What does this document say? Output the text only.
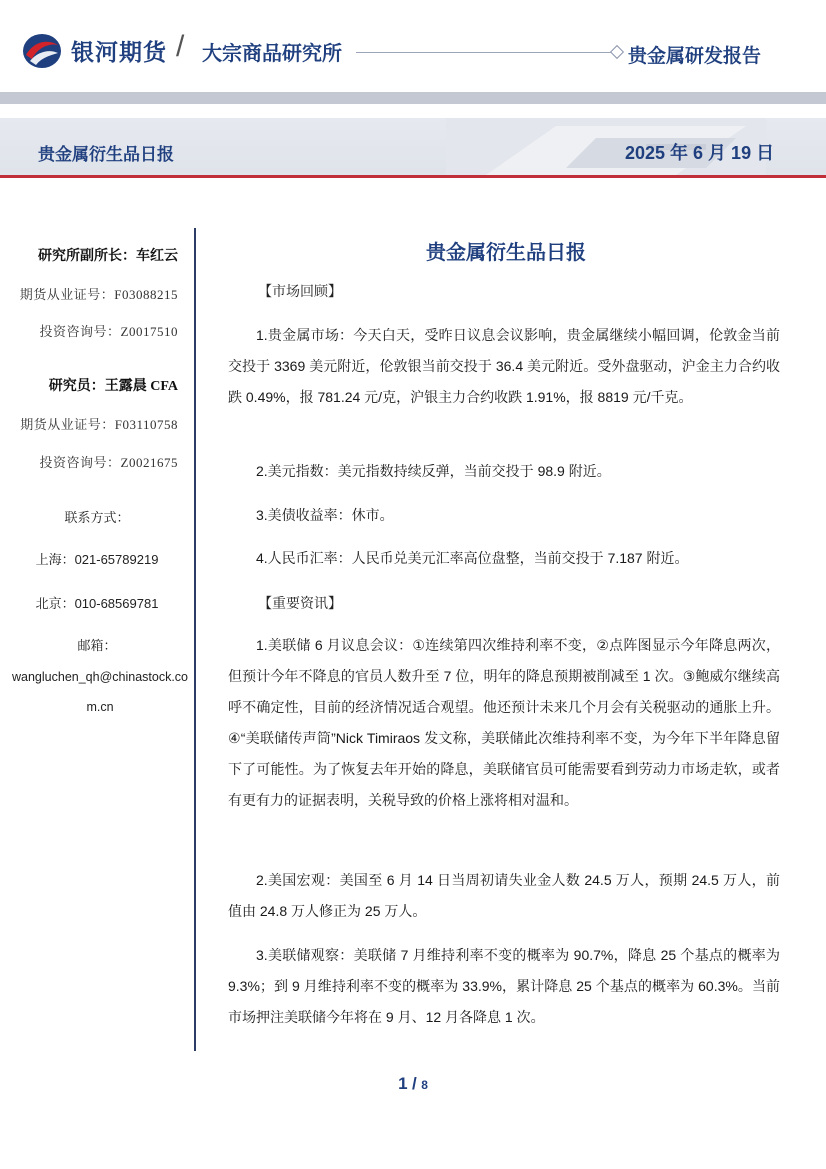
银河期货 / 大宗商品研究所	贵金属研发报告
贵金属衍生品日报	2025 年 6 月 19 日
研究所副所长：车红云
期货从业证号：F03088215
投资咨询号：Z0017510
研究员：王露晨 CFA
期货从业证号：F03110758
投资咨询号：Z0021675
联系方式：
上海：021-65789219
北京：010-68569781
邮箱：
wangluchen_qh@chinastock.co
m.cn
贵金属衍生品日报
【市场回顾】
1.贵金属市场：今天白天，受昨日议息会议影响，贵金属继续小幅回调，伦敦金当前交投于 3369 美元附近，伦敦银当前交投于 36.4 美元附近。受外盘驱动，沪金主力合约收跌 0.49%，报 781.24 元/克，沪银主力合约收跌 1.91%，报 8819 元/千克。
2.美元指数：美元指数持续反弹，当前交投于 98.9 附近。
3.美债收益率：休市。
4.人民币汇率：人民币兑美元汇率高位盘整，当前交投于 7.187 附近。
【重要资讯】
1.美联储 6 月议息会议：①连续第四次维持利率不变，②点阵图显示今年降息两次，但预计今年不降息的官员人数升至 7 位，明年的降息预期被削减至 1 次。③鲍威尔继续高呼不确定性，目前的经济情况适合观望。他还预计未来几个月会有关税驱动的通胀上升。④“美联储传声筒”Nick Timiraos 发文称，美联储此次维持利率不变，为今年下半年降息留下了可能性。为了恢复去年开始的降息，美联储官员可能需要看到劳动力市场走软，或者有更有力的证据表明，关税导致的价格上涨将相对温和。
2.美国宏观：美国至 6 月 14 日当周初请失业金人数 24.5 万人，预期 24.5 万人，前值由 24.8 万人修正为 25 万人。
3.美联储观察：美联储 7 月维持利率不变的概率为 90.7%，降息 25 个基点的概率为 9.3%；到 9 月维持利率不变的概率为 33.9%，累计降息 25 个基点的概率为 60.3%。当前市场押注美联储今年将在 9 月、12 月各降息 1 次。
1 / 8
